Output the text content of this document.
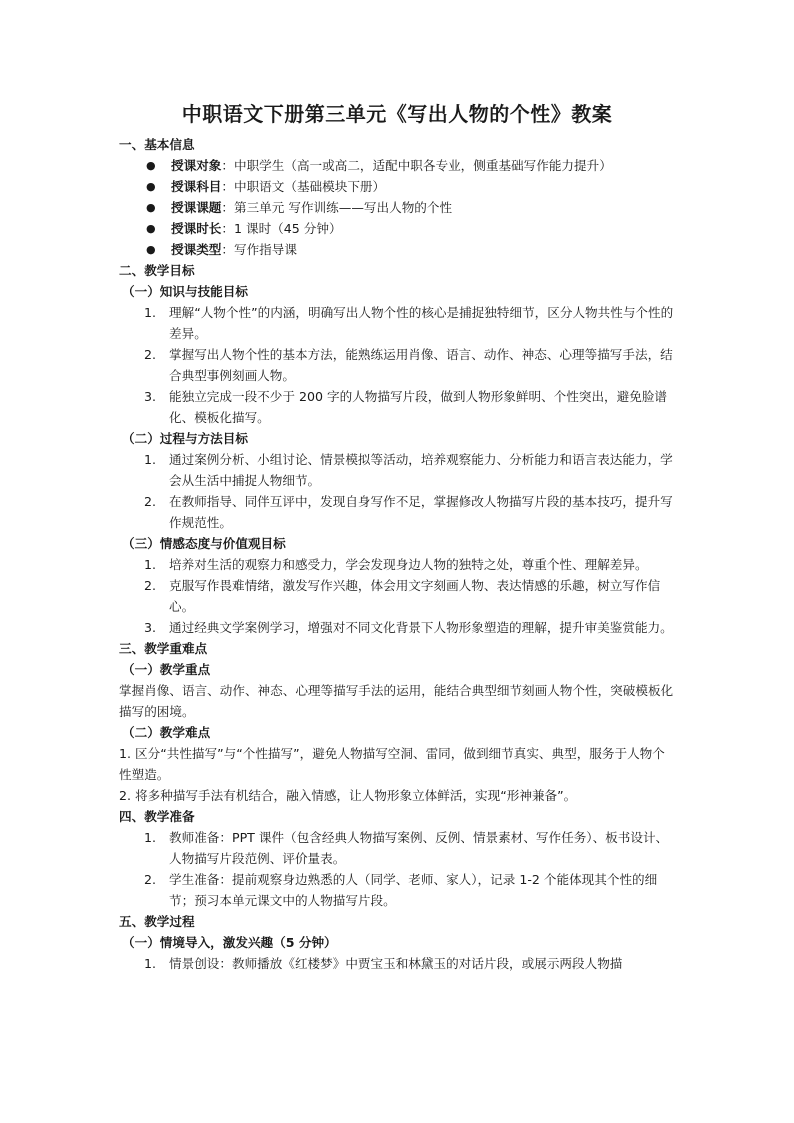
中职语文下册第三单元《写出人物的个性》教案

一、基本信息

● 授课对象：中职学生（高一或高二，适配中职各专业，侧重基础写作能力提升）
● 授课科目：中职语文（基础模块下册）
● 授课课题：第三单元 写作训练——写出人物的个性
● 授课时长：1 课时（45 分钟）
● 授课类型：写作指导课

二、教学目标

（一）知识与技能目标

1. 理解“人物个性”的内涵，明确写出人物个性的核心是捕捉独特细节，区分人物共性与个性的差异。
2. 掌握写出人物个性的基本方法，能熟练运用肖像、语言、动作、神态、心理等描写手法，结合典型事例刻画人物。
3. 能独立完成一段不少于 200 字的人物描写片段，做到人物形象鲜明、个性突出，避免脸谱化、模板化描写。

（二）过程与方法目标

1. 通过案例分析、小组讨论、情景模拟等活动，培养观察能力、分析能力和语言表达能力，学会从生活中捕捉人物细节。
2. 在教师指导、同伴互评中，发现自身写作不足，掌握修改人物描写片段的基本技巧，提升写作规范性。

（三）情感态度与价值观目标

1. 培养对生活的观察力和感受力，学会发现身边人物的独特之处，尊重个性、理解差异。
2. 克服写作畏难情绪，激发写作兴趣，体会用文字刻画人物、表达情感的乐趣，树立写作信心。
3. 通过经典文学案例学习，增强对不同文化背景下人物形象塑造的理解，提升审美鉴赏能力。

三、教学重难点

（一）教学重点

掌握肖像、语言、动作、神态、心理等描写手法的运用，能结合典型细节刻画人物个性，突破模板化描写的困境。

（二）教学难点

1. 区分“共性描写”与“个性描写”，避免人物描写空洞、雷同，做到细节真实、典型，服务于人物个性塑造。

2. 将多种描写手法有机结合，融入情感，让人物形象立体鲜活，实现“形神兼备”。

四、教学准备

1. 教师准备：PPT 课件（包含经典人物描写案例、反例、情景素材、写作任务）、板书设计、人物描写片段范例、评价量表。
2. 学生准备：提前观察身边熟悉的人（同学、老师、家人），记录 1-2 个能体现其个性的细节；预习本单元课文中的人物描写片段。

五、教学过程

（一）情境导入，激发兴趣（5 分钟）

1. 情景创设：教师播放《红楼梦》中贾宝玉和林黛玉的对话片段，或展示两段人物描
